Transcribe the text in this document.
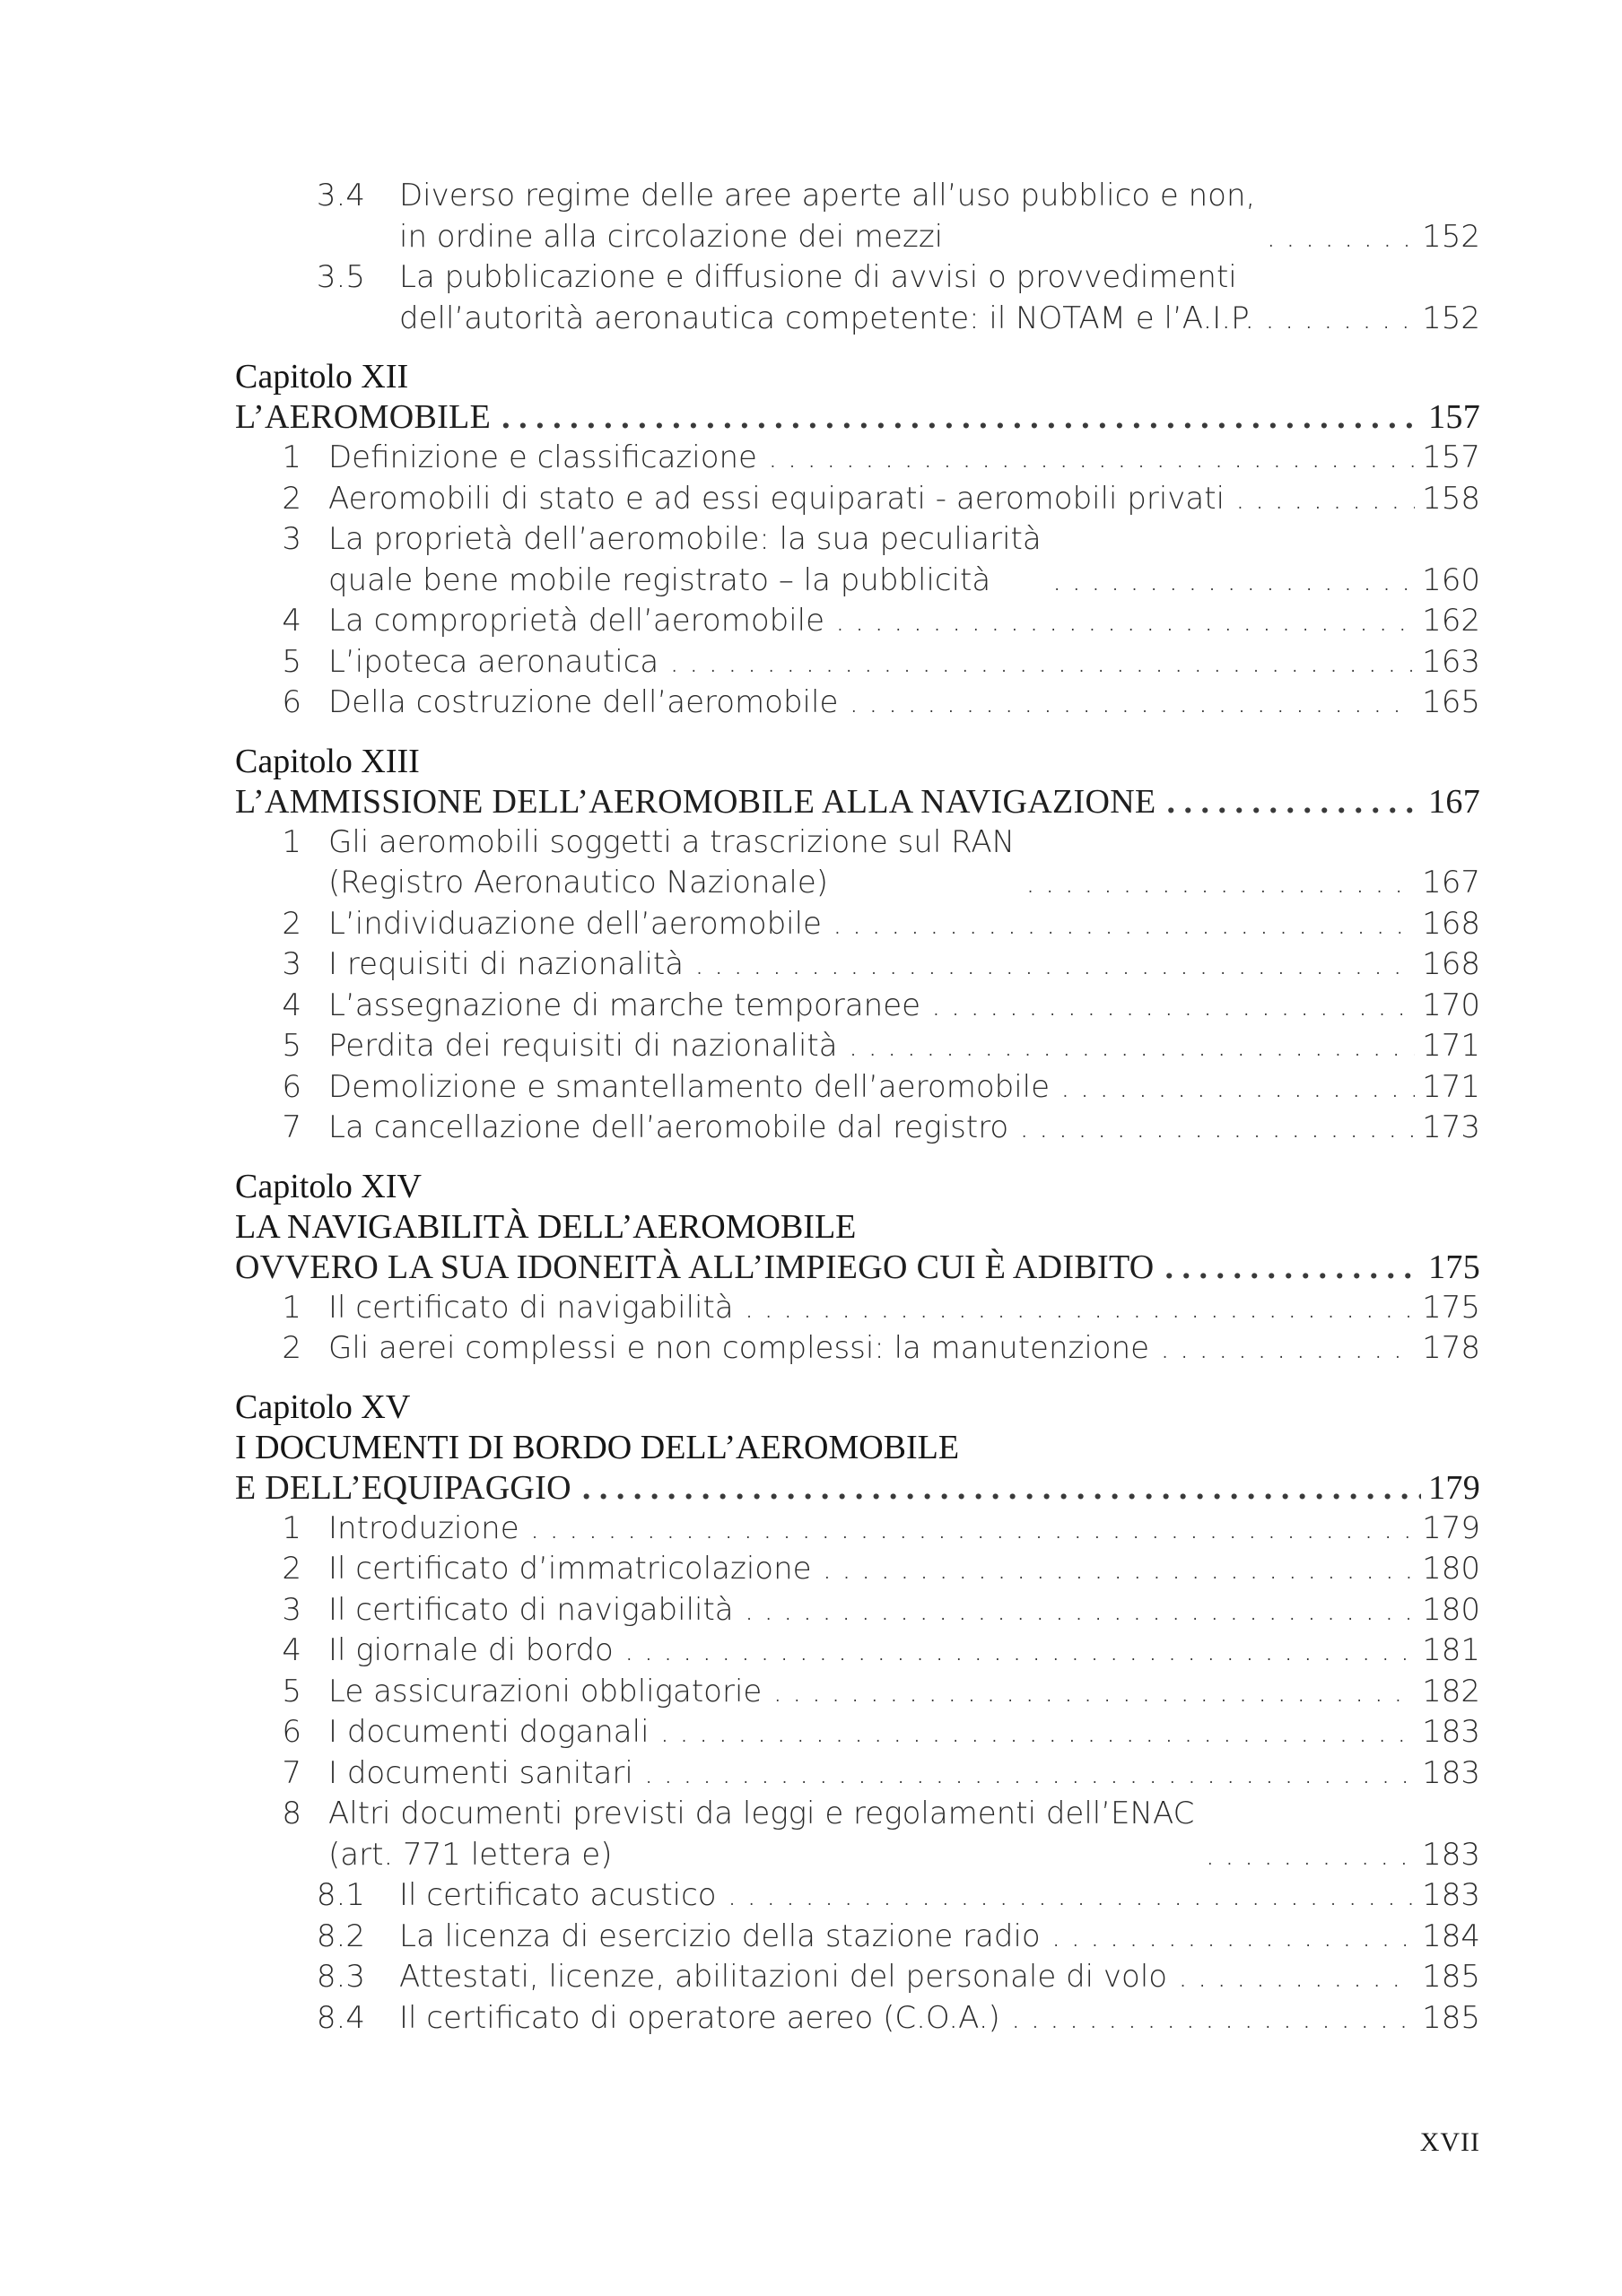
3.4	Diverso regime delle aree aperte all’uso pubblico e non,
in ordine alla circolazione dei mezzi . . .	152
3.5	La pubblicazione e diffusione di avvisi o provvedimenti
dell’autorità aeronautica competente: il NOTAM e l’A.I.P. . . .	152
Capitolo XII
L’AEROMOBILE . . .	157
1 Definizione e classificazione . . .	157
2 Aeromobili di stato e ad essi equiparati - aeromobili privati . . .	158
3 La proprietà dell’aeromobile: la sua peculiarità
quale bene mobile registrato – la pubblicità . . .	160
4 La comproprietà dell’aeromobile . . .	162
5 L’ipoteca aeronautica . . .	163
6 Della costruzione dell’aeromobile . . .	165
Capitolo XIII
L’AMMISSIONE DELL’AEROMOBILE ALLA NAVIGAZIONE . . .	167
1 Gli aeromobili soggetti a trascrizione sul RAN
(Registro Aeronautico Nazionale) . . .	167
2 L’individuazione dell’aeromobile . . .	168
3 I requisiti di nazionalità . . .	168
4 L’assegnazione di marche temporanee . . .	170
5 Perdita dei requisiti di nazionalità . . .	171
6 Demolizione e smantellamento dell’aeromobile . . .	171
7 La cancellazione dell’aeromobile dal registro . . .	173
Capitolo XIV
LA NAVIGABILITÀ DELL’AEROMOBILE
OVVERO LA SUA IDONEITÀ ALL’IMPIEGO CUI È ADIBITO . . .	175
1 Il certificato di navigabilità . . .	175
2 Gli aerei complessi e non complessi: la manutenzione . . .	178
Capitolo XV
I DOCUMENTI DI BORDO DELL’AEROMOBILE
E DELL’EQUIPAGGIO . . .	179
1 Introduzione . . .	179
2 Il certificato d’immatricolazione . . .	180
3 Il certificato di navigabilità . . .	180
4 Il giornale di bordo . . .	181
5 Le assicurazioni obbligatorie . . .	182
6 I documenti doganali . . .	183
7 I documenti sanitari . . .	183
8 Altri documenti previsti da leggi e regolamenti dell’ENAC
(art. 771 lettera e) . . .	183
8.1	Il certificato acustico . . .	183
8.2	La licenza di esercizio della stazione radio . . .	184
8.3	Attestati, licenze, abilitazioni del personale di volo . . .	185
8.4	Il certificato di operatore aereo (C.O.A.) . . .	185
XVII
